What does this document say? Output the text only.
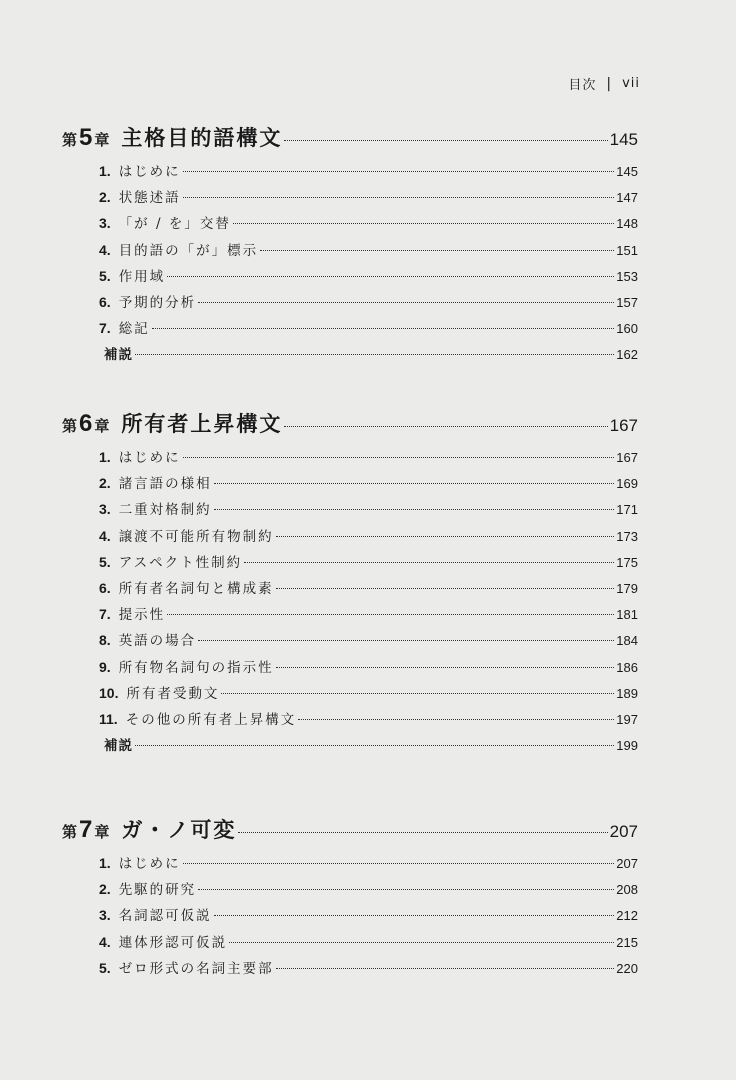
目次 | vii
第 5 章 主格目的語構文	145
1. はじめに	145
2. 状態述語	147
3. 「が / を」交替	148
4. 目的語の「が」標示	151
5. 作用域	153
6. 予期的分析	157
7. 総記	160
補説	162
第 6 章 所有者上昇構文	167
1. はじめに	167
2. 諸言語の様相	169
3. 二重対格制約	171
4. 譲渡不可能所有物制約	173
5. アスペクト性制約	175
6. 所有者名詞句と構成素	179
7. 提示性	181
8. 英語の場合	184
9. 所有物名詞句の指示性	186
10. 所有者受動文	189
11. その他の所有者上昇構文	197
補説	199
第 7 章 ガ・ノ可変	207
1. はじめに	207
2. 先駆的研究	208
3. 名詞認可仮説	212
4. 連体形認可仮説	215
5. ゼロ形式の名詞主要部	220
